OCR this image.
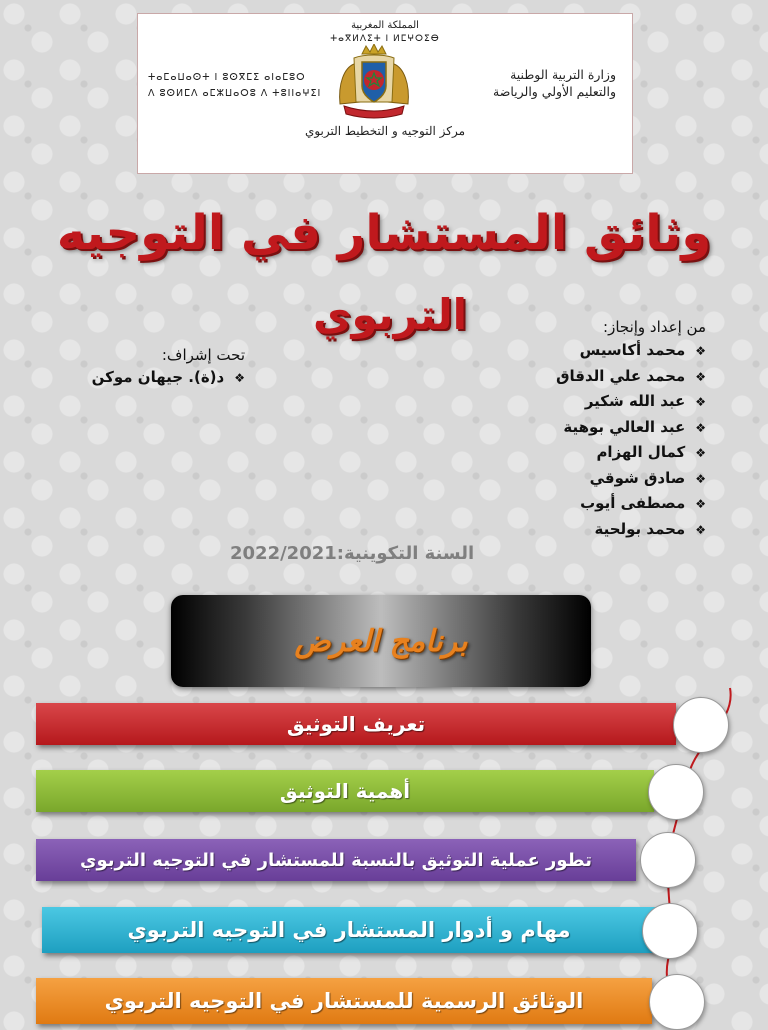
المملكة المغربية
ⵜⴰⴳⵍⴷⵉⵜ ⵏ ⵍⵎⵖⵔⵉⴱ
وزارة التربية الوطنية
والتعليم الأولي والرياضة
ⵜⴰⵎⴰⵡⴰⵙⵜ ⵏ ⵓⵙⴳⵎⵉ ⴰⵏⴰⵎⵓⵔ
ⴷ ⵓⵙⵍⵎⴷ ⴰⵎⵣⵡⴰⵔⵓ ⴷ ⵜⵓⵏⵏⴰⵖⵉⵏ
مركز التوجيه و التخطيط التربوي
وثائق المستشار في التوجيه
التربوي	من إعداد وإنجاز:
❖محمد أكاسيس
❖محمد علي الدقاق
❖عبد الله شكير
❖عبد العالي بوهية
❖كمال الهزام
❖صادق شوقي
❖مصطفى أيوب
❖محمد بولحية
تحت إشراف:
❖د(ة). جيهان موكن
2022/2021السنة التكوينية:
برنامج العرض
تعريف التوثيق
أهمية التوثيق
تطور عملية التوثيق بالنسبة للمستشار في التوجيه التربوي
مهام و أدوار المستشار في التوجيه التربوي
الوثائق الرسمية للمستشار في التوجيه التربوي
